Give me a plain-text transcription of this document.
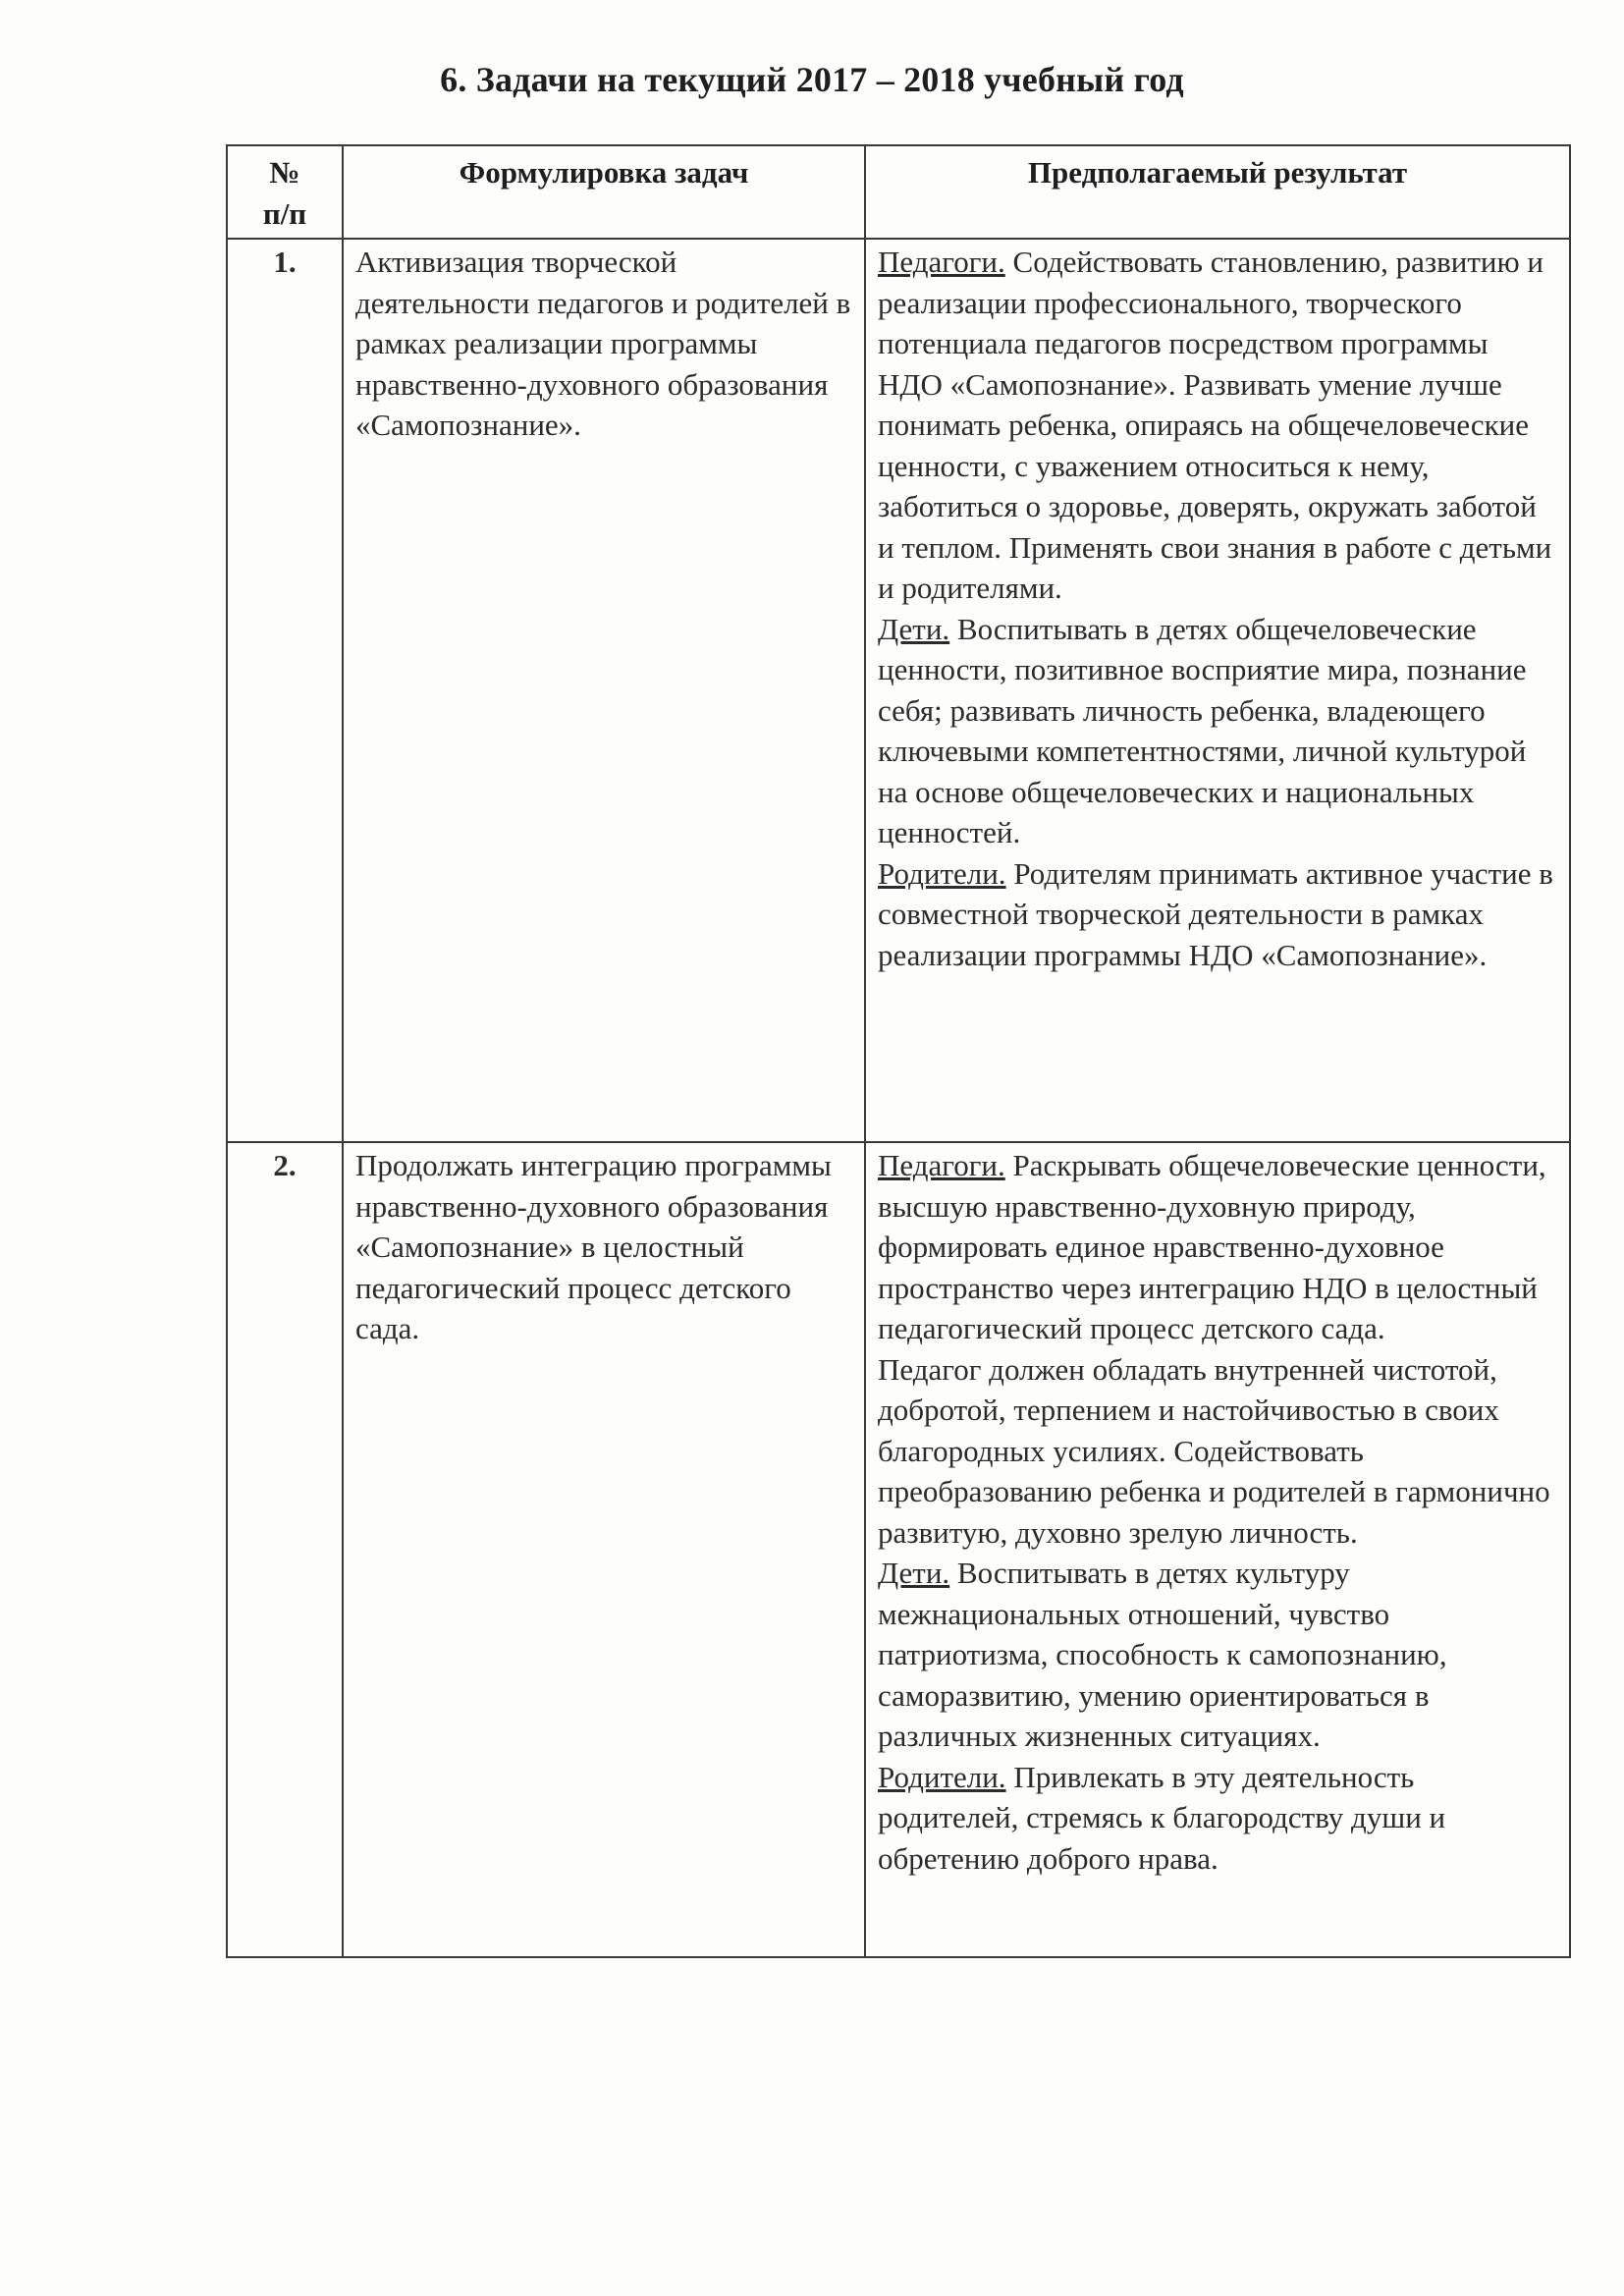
6. Задачи на текущий 2017 – 2018 учебный год
№
п/п	Формулировка задач	Предполагаемый результат
1.	Активизация творческой деятельности педагогов и родителей в рамках реализации программы нравственно-духовного образования «Самопознание».	Педагоги. Содействовать становлению, развитию и реализации профессионального, творческого потенциала педагогов посредством программы НДО «Самопознание». Развивать умение лучше понимать ребенка, опираясь на общечеловеческие ценности, с уважением относиться к нему, заботиться о здоровье, доверять, окружать заботой и теплом. Применять свои знания в работе с детьми и родителями.
Дети. Воспитывать в детях общечеловеческие ценности, позитивное восприятие мира, познание себя; развивать личность ребенка, владеющего ключевыми компетентностями, личной культурой на основе общечеловеческих и национальных ценностей.
Родители. Родителям принимать активное участие в совместной творческой деятельности в рамках реализации программы НДО «Самопознание».

2.	Продолжать интеграцию программы нравственно-духовного образования «Самопознание» в целостный педагогический процесс детского сада.	Педагоги. Раскрывать общечеловеческие ценности, высшую нравственно-духовную природу, формировать единое нравственно-духовное пространство через интеграцию НДО в целостный педагогический процесс детского сада.
Педагог должен обладать внутренней чистотой, добротой, терпением и настойчивостью в своих благородных усилиях. Содействовать преобразованию ребенка и родителей в гармонично развитую, духовно зрелую личность.
Дети. Воспитывать в детях культуру межнациональных отношений, чувство патриотизма, способность к самопознанию, саморазвитию, умению ориентироваться в различных жизненных ситуациях.
Родители. Привлекать в эту деятельность родителей, стремясь к благородству души и обретению доброго нрава.
